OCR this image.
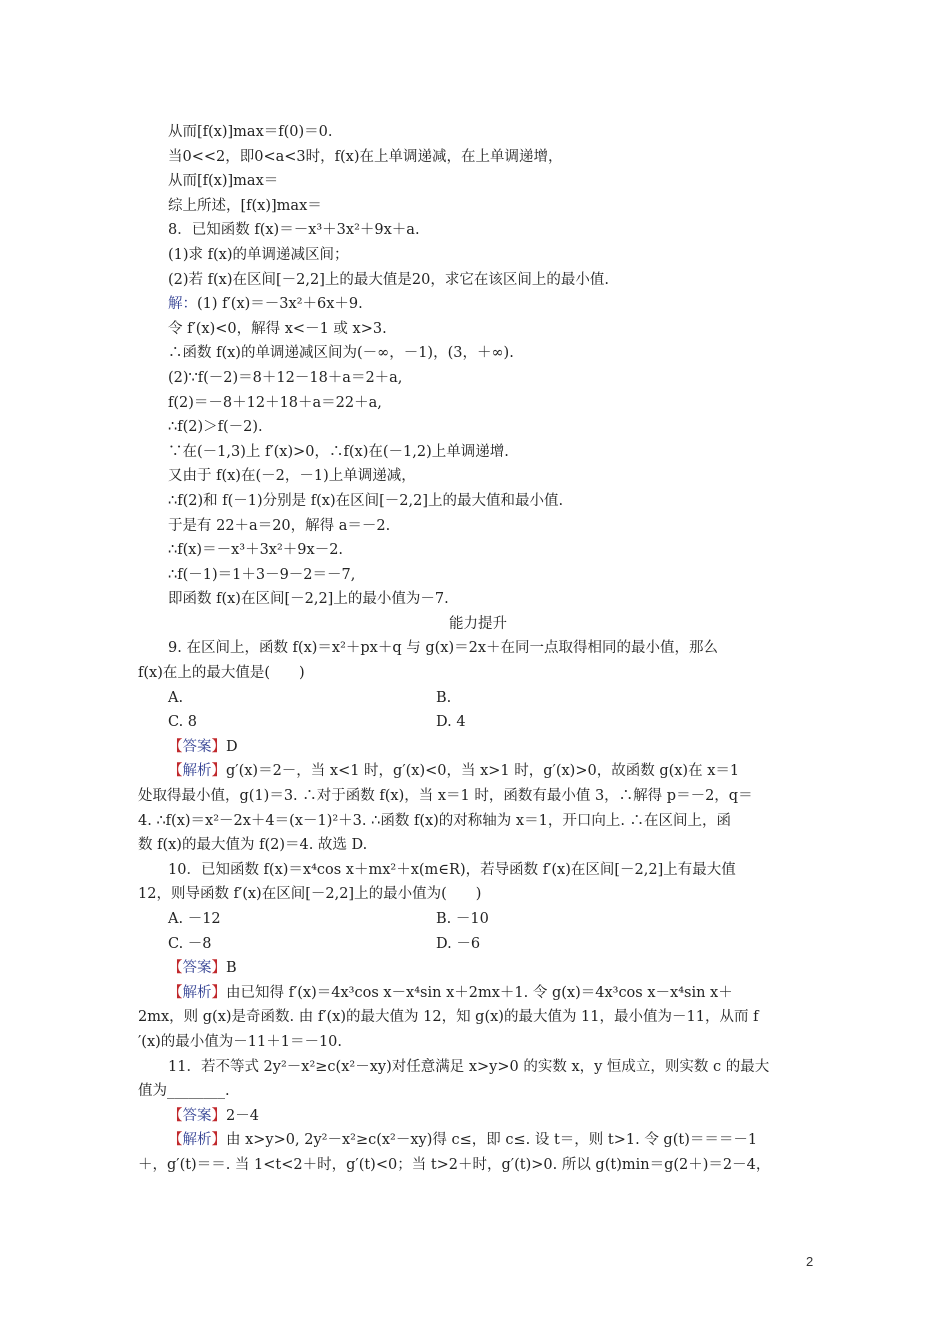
从而[f(x)]max＝f(0)＝0.
当0<<2，即0<a<3时，f(x)在上单调递减，在上单调递增，
从而[f(x)]max＝
综上所述，[f(x)]max＝
8．已知函数 f(x)＝－x³＋3x²＋9x＋a.
(1)求 f(x)的单调递减区间；
(2)若 f(x)在区间[－2,2]上的最大值是20，求它在该区间上的最小值.
解：(1) f′(x)＝－3x²＋6x＋9.
令 f′(x)<0，解得 x<－1 或 x>3.
∴函数 f(x)的单调递减区间为(－∞，－1)，(3，＋∞).
(2)∵f(－2)＝8＋12－18＋a＝2＋a,
f(2)＝－8＋12＋18＋a＝22＋a,
∴f(2)＞f(－2).
∵在(－1,3)上 f′(x)>0，∴f(x)在(－1,2)上单调递增.
又由于 f(x)在(－2，－1)上单调递减，
∴f(2)和 f(－1)分别是 f(x)在区间[－2,2]上的最大值和最小值.
于是有 22＋a＝20，解得 a＝－2.
∴f(x)＝－x³＋3x²＋9x－2.
∴f(－1)＝1＋3－9－2＝－7,
即函数 f(x)在区间[－2,2]上的最小值为－7.
能力提升
9. 在区间上，函数 f(x)＝x²＋px＋q 与 g(x)＝2x＋在同一点取得相同的最小值，那么
f(x)在上的最大值是(　　)
A.	B.
C. 8	D. 4
【答案】D
【解析】g′(x)＝2－，当 x<1 时，g′(x)<0，当 x>1 时，g′(x)>0，故函数 g(x)在 x＝1
处取得最小值，g(1)＝3. ∴对于函数 f(x)，当 x＝1 时，函数有最小值 3，∴解得 p＝－2，q＝
4. ∴f(x)＝x²－2x＋4＝(x－1)²＋3. ∴函数 f(x)的对称轴为 x＝1，开口向上. ∴在区间上，函
数 f(x)的最大值为 f(2)＝4. 故选 D.
10．已知函数 f(x)＝x⁴cos x＋mx²＋x(m∈R)，若导函数 f′(x)在区间[－2,2]上有最大值
12，则导函数 f′(x)在区间[－2,2]上的最小值为(　　)
A. －12	B. －10
C. －8	D. －6
【答案】B
【解析】由已知得 f′(x)＝4x³cos x－x⁴sin x＋2mx＋1. 令 g(x)＝4x³cos x－x⁴sin x＋
2mx，则 g(x)是奇函数. 由 f′(x)的最大值为 12，知 g(x)的最大值为 11，最小值为－11，从而 f
′(x)的最小值为－11＋1＝－10.
11．若不等式 2y²－x²≥c(x²－xy)对任意满足 x>y>0 的实数 x，y 恒成立，则实数 c 的最大
值为________.
【答案】2－4
【解析】由 x>y>0, 2y²－x²≥c(x²－xy)得 c≤，即 c≤. 设 t＝，则 t>1. 令 g(t)＝＝＝－1
＋，g′(t)＝＝. 当 1<t<2＋时，g′(t)<0；当 t>2＋时，g′(t)>0. 所以 g(t)min＝g(2＋)＝2－4，
2
